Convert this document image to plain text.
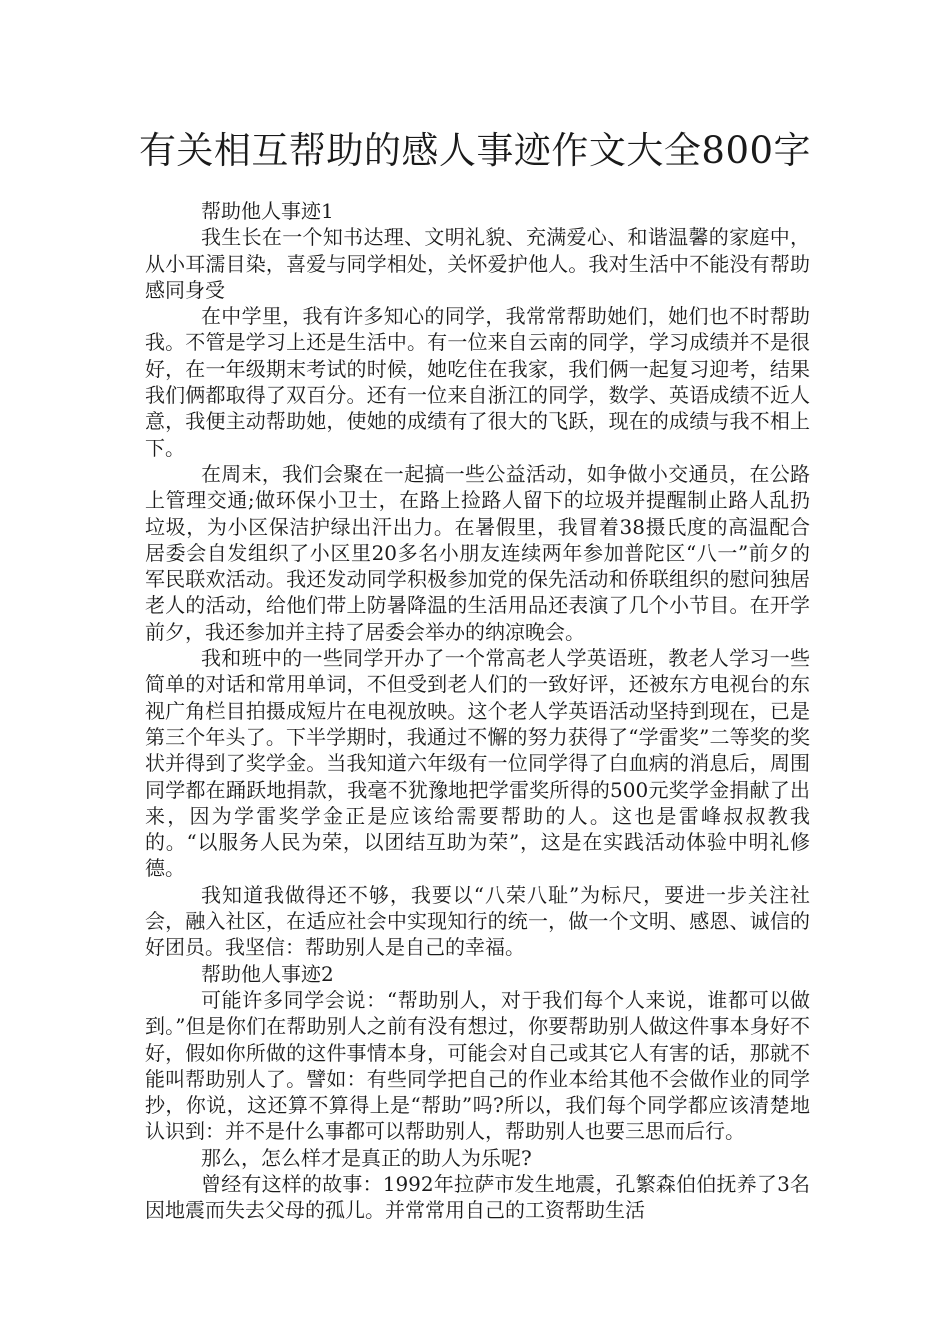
有关相互帮助的感人事迹作文大全800字

帮助他人事迹1

我生长在一个知书达理、文明礼貌、充满爱心、和谐温馨的家庭中，从小耳濡目染，喜爱与同学相处，关怀爱护他人。我对生活中不能没有帮助感同身受

在中学里，我有许多知心的同学，我常常帮助她们，她们也不时帮助我。不管是学习上还是生活中。有一位来自云南的同学，学习成绩并不是很好，在一年级期末考试的时候，她吃住在我家，我们俩一起复习迎考，结果我们俩都取得了双百分。还有一位来自浙江的同学，数学、英语成绩不近人意，我便主动帮助她，使她的成绩有了很大的飞跃，现在的成绩与我不相上下。

在周末，我们会聚在一起搞一些公益活动，如争做小交通员，在公路上管理交通;做环保小卫士，在路上捡路人留下的垃圾并提醒制止路人乱扔垃圾，为小区保洁护绿出汗出力。在暑假里，我冒着38摄氏度的高温配合居委会自发组织了小区里20多名小朋友连续两年参加普陀区“八一”前夕的军民联欢活动。我还发动同学积极参加党的保先活动和侨联组织的慰问独居老人的活动，给他们带上防暑降温的生活用品还表演了几个小节目。在开学前夕，我还参加并主持了居委会举办的纳凉晚会。

我和班中的一些同学开办了一个常高老人学英语班，教老人学习一些简单的对话和常用单词，不但受到老人们的一致好评，还被东方电视台的东视广角栏目拍摄成短片在电视放映。这个老人学英语活动坚持到现在，已是第三个年头了。下半学期时，我通过不懈的努力获得了“学雷奖”二等奖的奖状并得到了奖学金。当我知道六年级有一位同学得了白血病的消息后，周围同学都在踊跃地捐款，我毫不犹豫地把学雷奖所得的500元奖学金捐献了出来，因为学雷奖学金正是应该给需要帮助的人。这也是雷峰叔叔教我的。“以服务人民为荣，以团结互助为荣”，这是在实践活动体验中明礼修德。

我知道我做得还不够，我要以“八荣八耻”为标尺，要进一步关注社会，融入社区，在适应社会中实现知行的统一，做一个文明、感恩、诚信的好团员。我坚信：帮助别人是自己的幸福。

帮助他人事迹2

可能许多同学会说：“帮助别人，对于我们每个人来说，谁都可以做到。”但是你们在帮助别人之前有没有想过，你要帮助别人做这件事本身好不好，假如你所做的这件事情本身，可能会对自己或其它人有害的话，那就不能叫帮助别人了。譬如：有些同学把自己的作业本给其他不会做作业的同学抄，你说，这还算不算得上是“帮助”吗?所以，我们每个同学都应该清楚地认识到：并不是什么事都可以帮助别人，帮助别人也要三思而后行。

那么，怎么样才是真正的助人为乐呢?

曾经有这样的故事：1992年拉萨市发生地震，孔繁森伯伯抚养了3名因地震而失去父母的孤儿。并常常用自己的工资帮助生活
